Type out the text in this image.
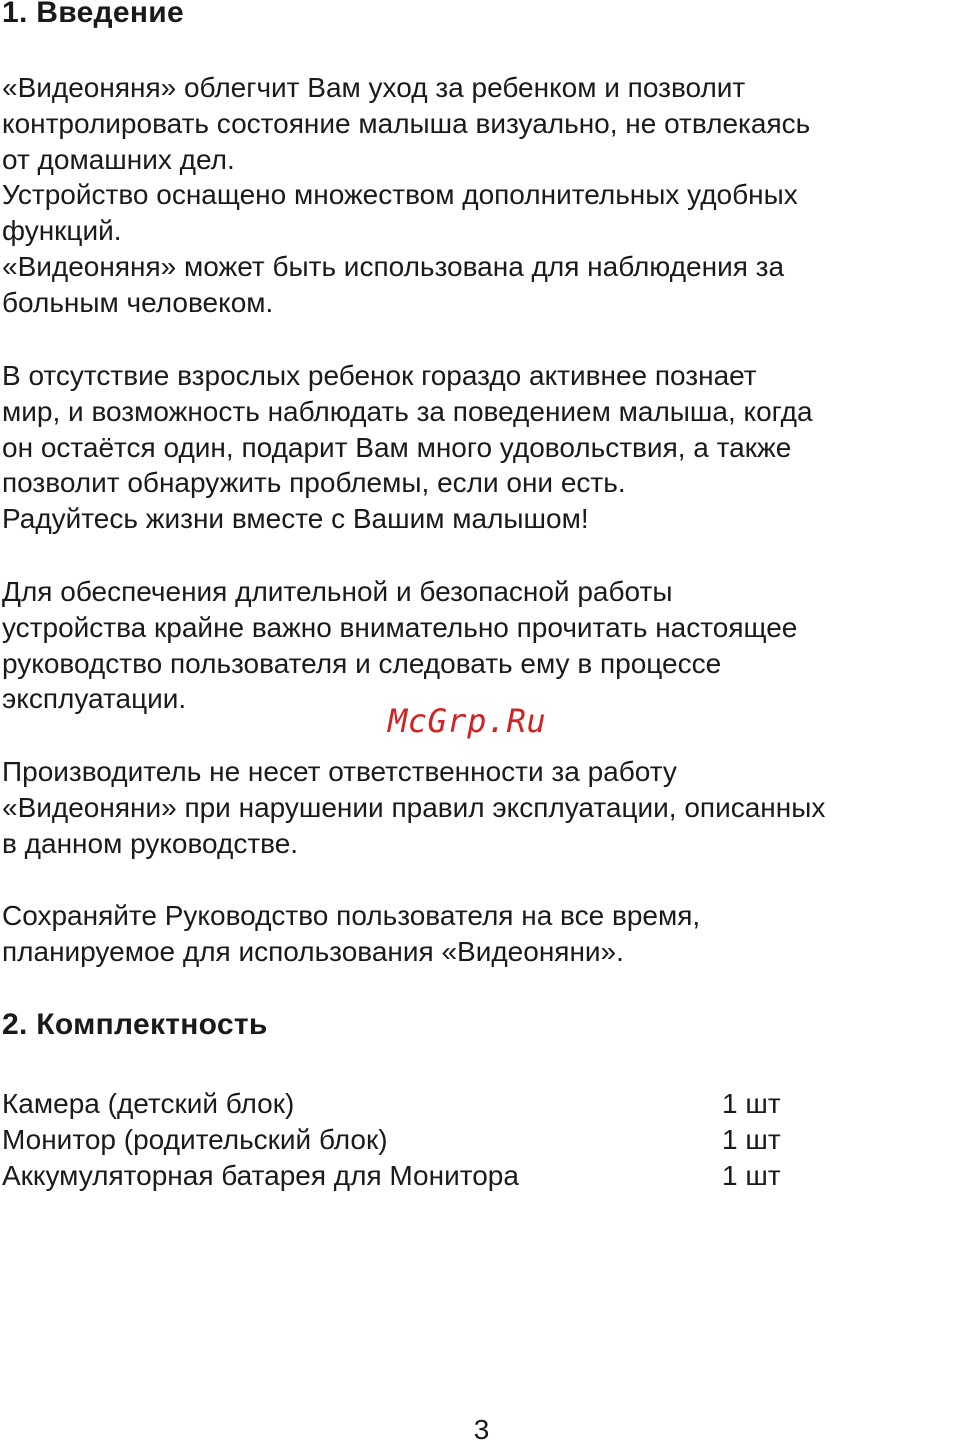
1. Введение

«Видеоняня» облегчит Вам уход за ребенком и позволит
контролировать состояние малыша визуально, не отвлекаясь
от домашних дел.
Устройство оснащено множеством дополнительных удобных
функций.
«Видеоняня» может быть использована для наблюдения за
больным человеком.

В отсутствие взрослых ребенок гораздо активнее познает
мир, и возможность наблюдать за поведением малыша, когда
он остаётся один, подарит Вам много удовольствия, а также
позволит обнаружить проблемы, если они есть.
Радуйтесь жизни вместе с Вашим малышом!

Для обеспечения длительной и безопасной работы
устройства крайне важно внимательно прочитать настоящее
руководство пользователя и следовать ему в процессе
эксплуатации.

McGrp.Ru

Производитель не несет ответственности за работу
«Видеоняни» при нарушении правил эксплуатации, описанных
в данном руководстве.

Сохраняйте Руководство пользователя на все время,
планируемое для использования «Видеоняни».

2. Комплектность
Камера (детский блок)	1 шт
Монитор (родительский блок)	1 шт
Аккумуляторная батарея для Монитора	1 шт
3
